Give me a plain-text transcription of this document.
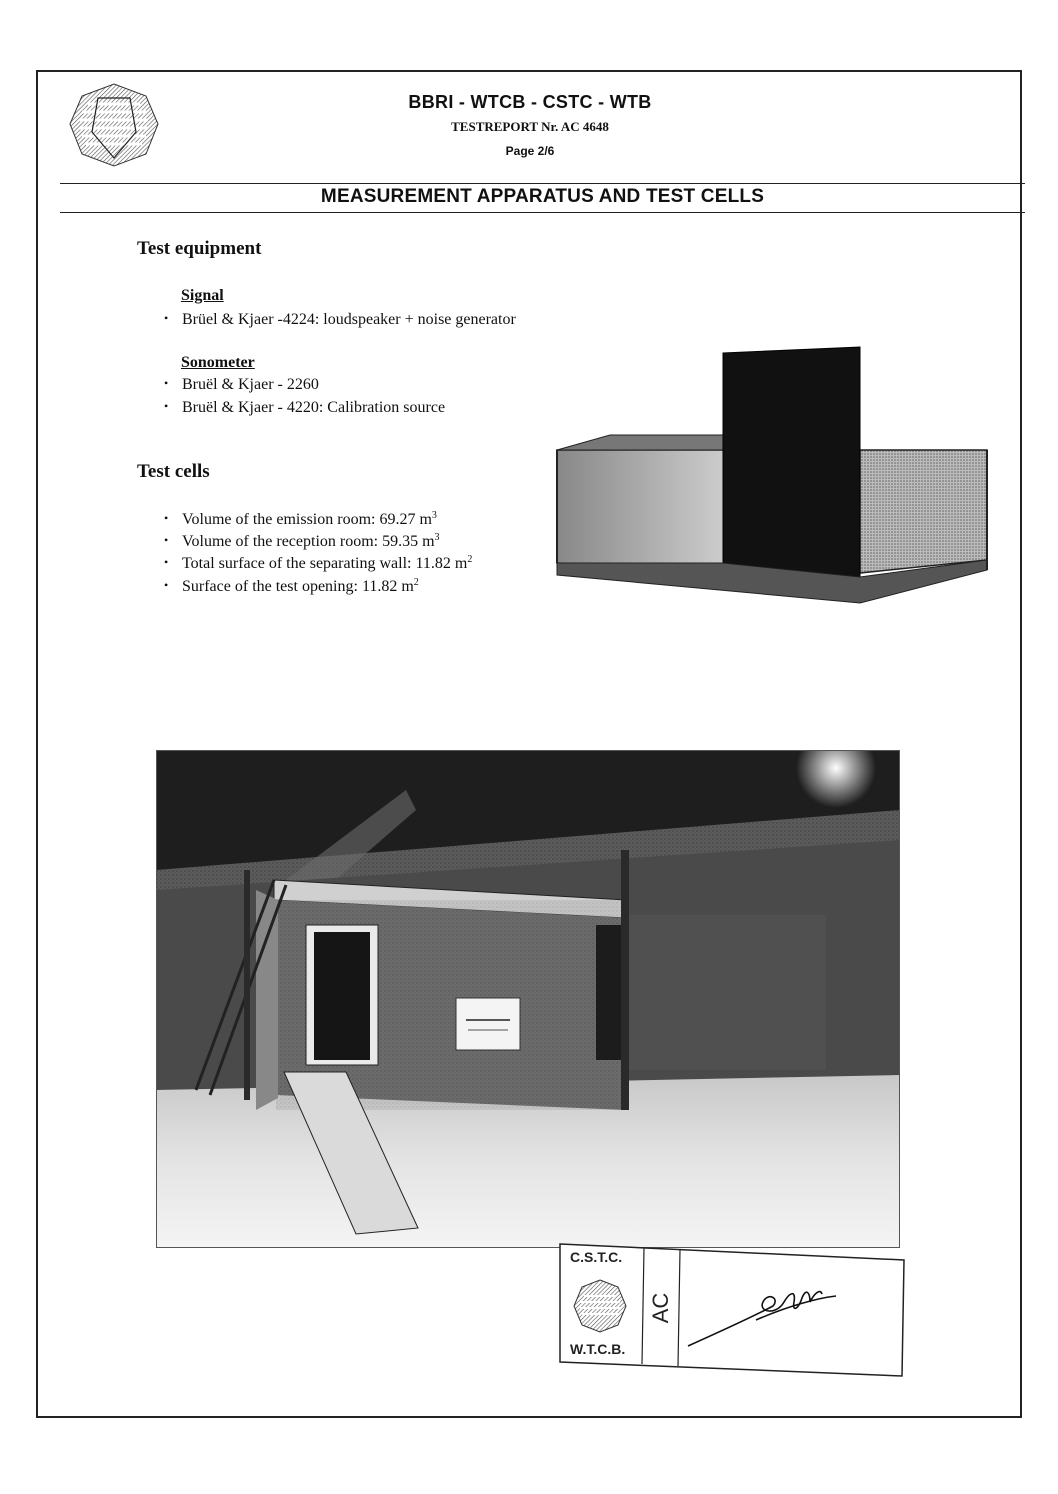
BBRI - WTCB - CSTC - WTB
TESTREPORT Nr. AC 4648
Page 2/6
MEASUREMENT APPARATUS AND TEST CELLS
Test equipment
Signal
• Brüel & Kjaer -4224: loudspeaker + noise generator
Sonometer
• Bruël & Kjaer - 2260
• Bruël & Kjaer - 4220: Calibration source
Test cells
• Volume of the emission room: 69.27 $m^3$
• Volume of the reception room: 59.35 $m^3$
• Total surface of the separating wall: 11.82 $m^2$
• Surface of the test opening: 11.82 $m^2$
C.S.T.C.
W.T.C.B.
AC
